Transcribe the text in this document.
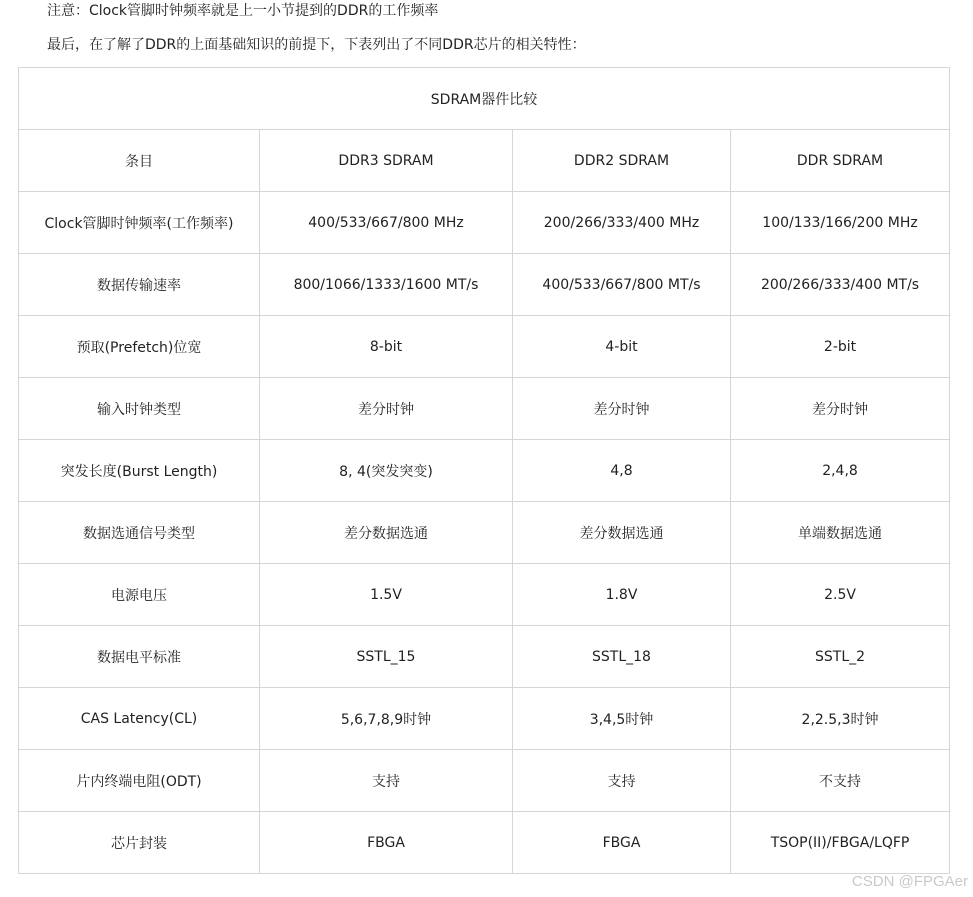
注意：Clock管脚时钟频率就是上一小节提到的DDR的工作频率
最后，在了解了DDR的上面基础知识的前提下，下表列出了不同DDR芯片的相关特性：
SDRAM器件比较			
条目	DDR3 SDRAM	DDR2 SDRAM	DDR SDRAM
Clock管脚时钟频率(工作频率)	400/533/667/800 MHz	200/266/333/400 MHz	100/133/166/200 MHz
数据传输速率	800/1066/1333/1600 MT/s	400/533/667/800 MT/s	200/266/333/400 MT/s
预取(Prefetch)位宽	8-bit	4-bit	2-bit
输入时钟类型	差分时钟	差分时钟	差分时钟
突发长度(Burst Length)	8, 4(突发突变)	4,8	2,4,8
数据选通信号类型	差分数据选通	差分数据选通	单端数据选通
电源电压	1.5V	1.8V	2.5V
数据电平标准	SSTL_15	SSTL_18	SSTL_2
CAS Latency(CL)	5,6,7,8,9时钟	3,4,5时钟	2,2.5,3时钟
片内终端电阻(ODT)	支持	支持	不支持
芯片封装	FBGA	FBGA	TSOP(II)/FBGA/LQFP
CSDN @FPGAer
